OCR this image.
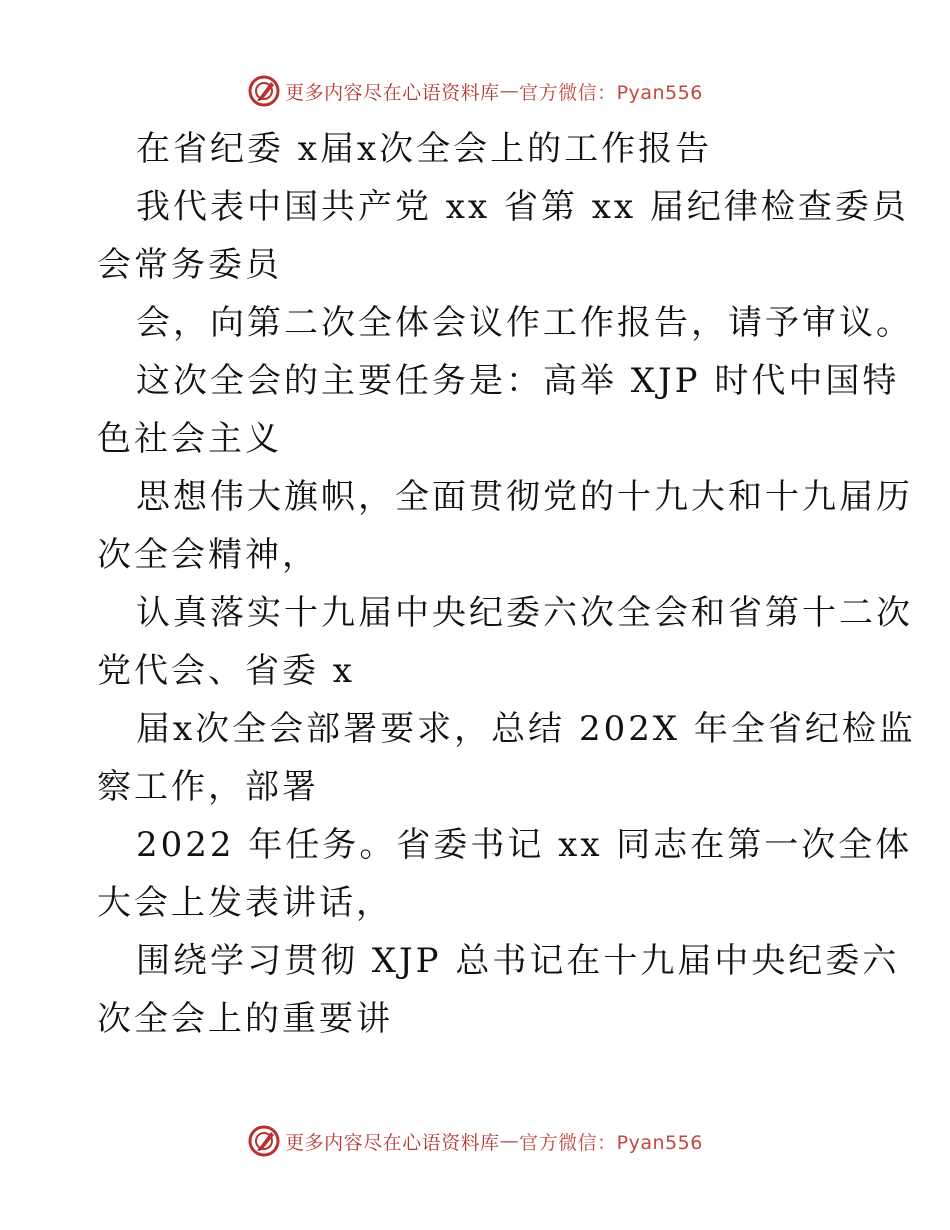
更多内容尽在心语资料库 — 官方微信：Pyan556
在省纪委 x届x次全会上的工作报告
我代表中国共产党 xx 省第 xx 届纪律检查委员
会常务委员
会，向第二次全体会议作工作报告，请予审议。
这次全会的主要任务是：高举 XJP 时代中国特
色社会主义
思想伟大旗帜，全面贯彻党的十九大和十九届历
次全会精神，
认真落实十九届中央纪委六次全会和省第十二次
党代会、省委 x
届x次全会部署要求，总结 202X 年全省纪检监
察工作，部署
2022 年任务。省委书记 xx 同志在第一次全体
大会上发表讲话，
围绕学习贯彻 XJP 总书记在十九届中央纪委六
次全会上的重要讲
更多内容尽在心语资料库 — 官方微信：Pyan556
